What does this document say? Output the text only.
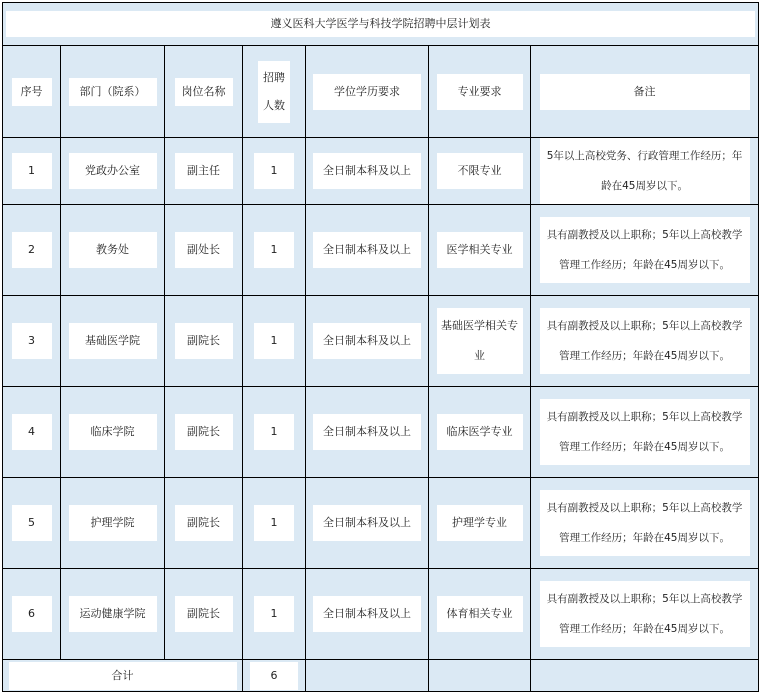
遵义医科大学医学与科技学院招聘中层计划表						

序号	部门（院系）	岗位名称	招聘人数	学位学历要求	专业要求	备注

1	党政办公室	副主任	1	全日制本科及以上	不限专业	5年以上高校党务、行政管理工作经历；年龄在45周岁以下。

2	教务处	副处长	1	全日制本科及以上	医学相关专业	具有副教授及以上职称；5年以上高校教学管理工作经历；年龄在45周岁以下。

3	基础医学院	副院长	1	全日制本科及以上	基础医学相关专业	具有副教授及以上职称；5年以上高校教学管理工作经历；年龄在45周岁以下。

4	临床学院	副院长	1	全日制本科及以上	临床医学专业	具有副教授及以上职称；5年以上高校教学管理工作经历；年龄在45周岁以下。

5	护理学院	副院长	1	全日制本科及以上	护理学专业	具有副教授及以上职称；5年以上高校教学管理工作经历；年龄在45周岁以下。

6	运动健康学院	副院长	1	全日制本科及以上	体育相关专业	具有副教授及以上职称；5年以上高校教学管理工作经历；年龄在45周岁以下。

合计			6			
